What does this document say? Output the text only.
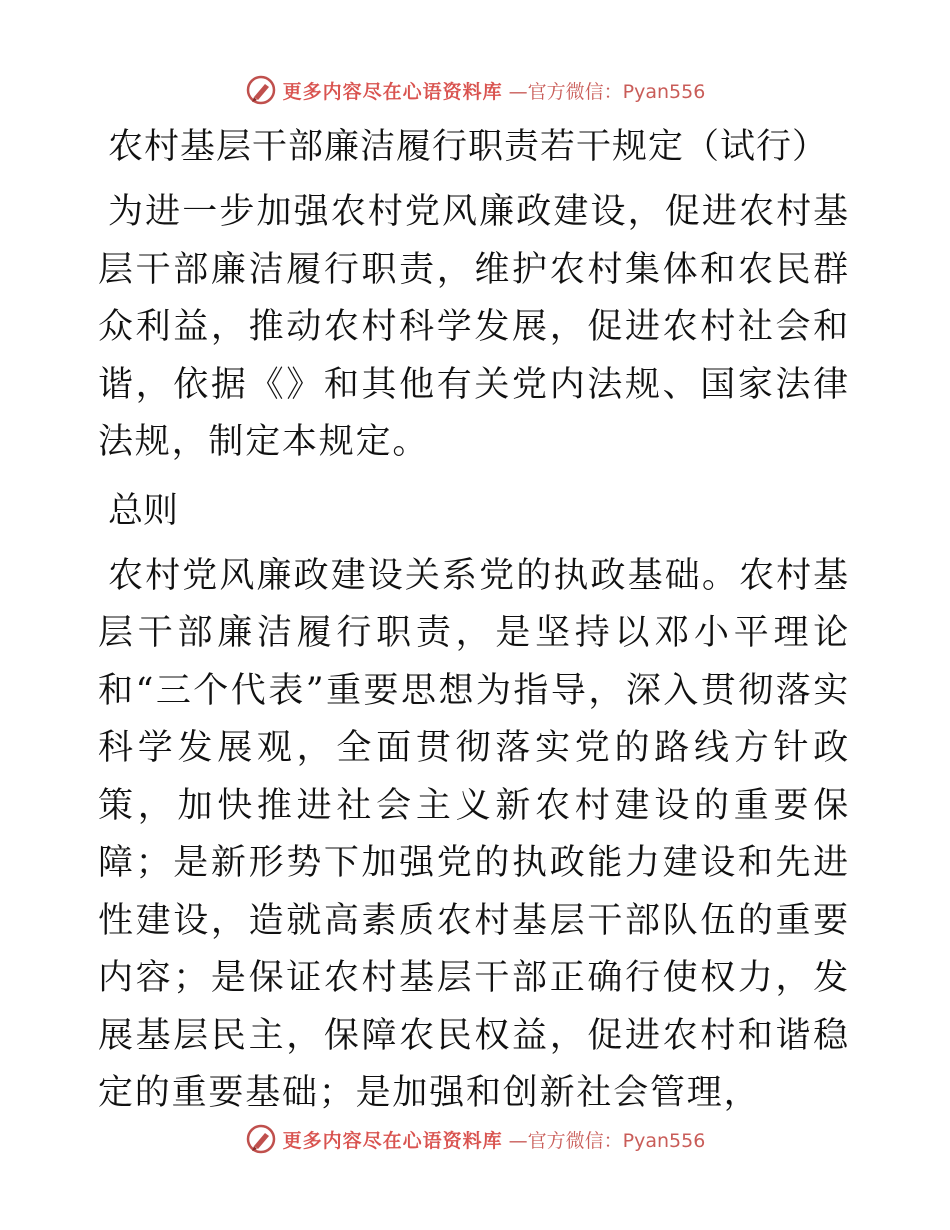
更多内容尽在心语资料库 —官方微信：Pyan556
农村基层干部廉洁履行职责若干规定（试行）

为进一步加强农村党风廉政建设，促进农村基层干部廉洁履行职责，维护农村集体和农民群众利益，推动农村科学发展，促进农村社会和谐，依据《》和其他有关党内法规、国家法律法规，制定本规定。

总则

农村党风廉政建设关系党的执政基础。农村基层干部廉洁履行职责，是坚持以邓小平理论和“三个代表”重要思想为指导，深入贯彻落实科学发展观，全面贯彻落实党的路线方针政策，加快推进社会主义新农村建设的重要保障；是新形势下加强党的执政能力建设和先进性建设，造就高素质农村基层干部队伍的重要内容；是保证农村基层干部正确行使权力，发展基层民主，保障农民权益，促进农村和谐稳定的重要基础；是加强和创新社会管理，

更多内容尽在心语资料库 —官方微信：Pyan556
